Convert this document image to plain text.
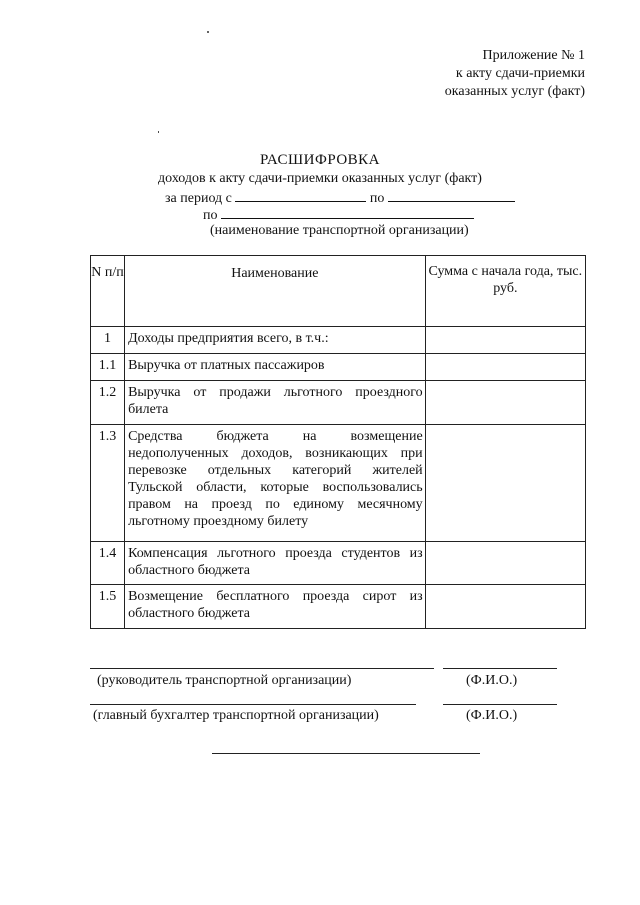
Приложение № 1
к акту сдачи-приемки
оказанных услуг (факт)
РАСШИФРОВКА
доходов к акту сдачи-приемки оказанных услуг (факт)
за период с	по
по
(наименование транспортной организации)
N п/п	Наименование	Сумма с начала года, тыс. руб.
1	Доходы предприятия всего, в т.ч.:	
1.1	Выручка от платных пассажиров	
1.2	Выручка от продажи льготного проездного билета	
1.3	Средства бюджета на возмещение недополученных доходов, возникающих при перевозке отдельных категорий жителей Тульской области, которые воспользовались правом на проезд по единому месячному льготному проездному билету	
1.4	Компенсация льготного проезда студентов из областного бюджета	
1.5	Возмещение бесплатного проезда сирот из областного бюджета	
(руководитель транспортной организации)	(Ф.И.О.)
(главный бухгалтер транспортной организации)	(Ф.И.О.)
